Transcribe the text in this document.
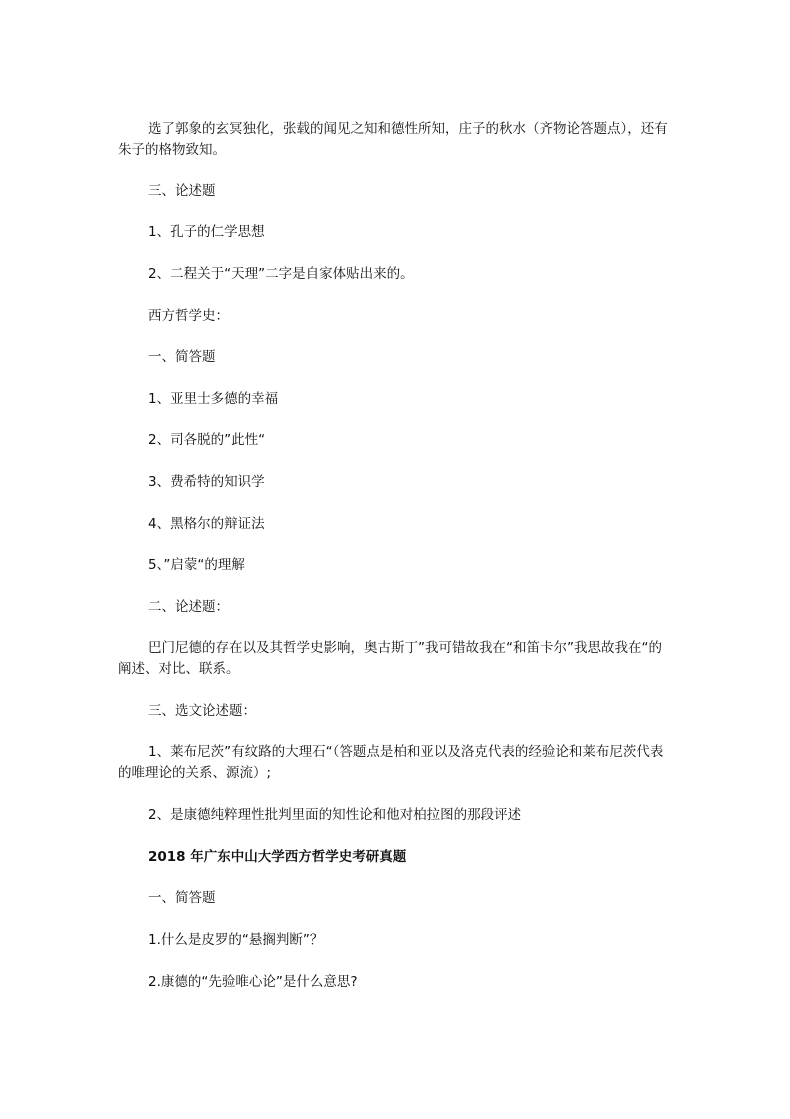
选了郭象的玄冥独化，张载的闻见之知和德性所知，庄子的秋水（齐物论答题点），还有朱子的格物致知。

三、论述题

1、孔子的仁学思想

2、二程关于“天理”二字是自家体贴出来的。

西方哲学史：

一、简答题

1、亚里士多德的幸福

2、司各脱的”此性“

3、费希特的知识学

4、黑格尔的辩证法

5、”启蒙“的理解

二、论述题：

巴门尼德的存在以及其哲学史影响，奥古斯丁”我可错故我在“和笛卡尔”我思故我在“的阐述、对比、联系。

三、选文论述题：

1、莱布尼茨”有纹路的大理石“（答题点是柏和亚以及洛克代表的经验论和莱布尼茨代表的唯理论的关系、源流）;

2、是康德纯粹理性批判里面的知性论和他对柏拉图的那段评述

2018 年广东中山大学西方哲学史考研真题

一、简答题

1.什么是皮罗的“悬搁判断”？

2.康德的“先验唯心论”是什么意思?
